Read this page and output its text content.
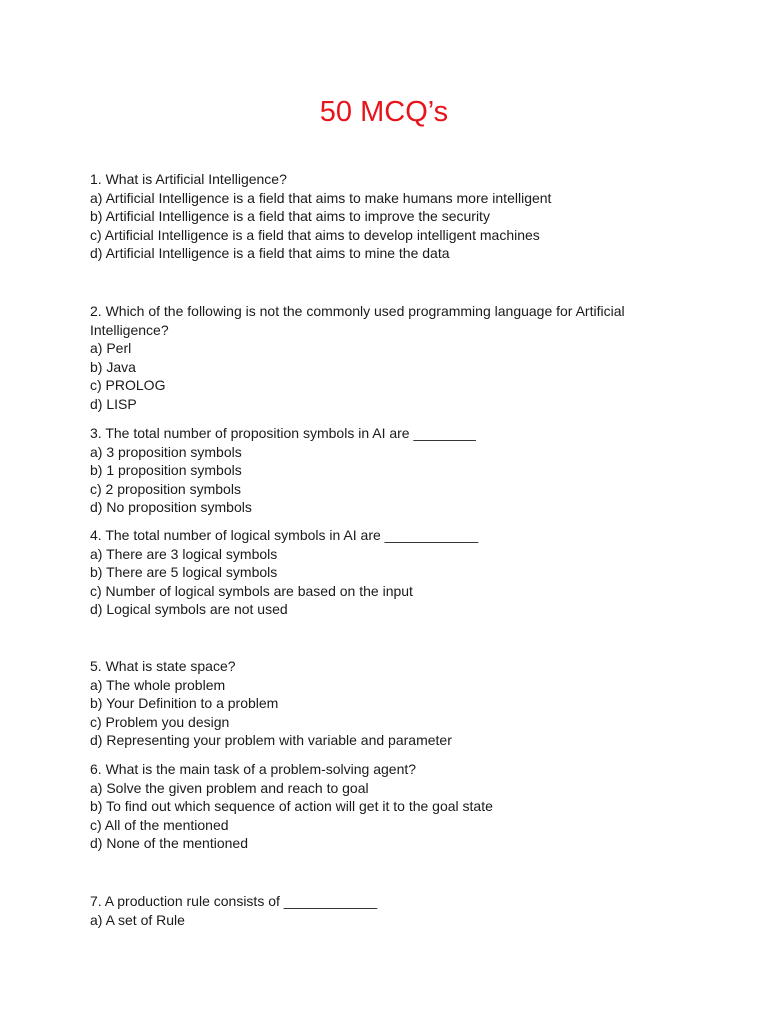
50 MCQ’s
1. What is Artificial Intelligence?
a) Artificial Intelligence is a field that aims to make humans more intelligent
b) Artificial Intelligence is a field that aims to improve the security
c) Artificial Intelligence is a field that aims to develop intelligent machines
d) Artificial Intelligence is a field that aims to mine the data
2. Which of the following is not the commonly used programming language for Artificial Intelligence?
a) Perl
b) Java
c) PROLOG
d) LISP
3. The total number of proposition symbols in AI are ________
a) 3 proposition symbols
b) 1 proposition symbols
c) 2 proposition symbols
d) No proposition symbols
4. The total number of logical symbols in AI are ____________
a) There are 3 logical symbols
b) There are 5 logical symbols
c) Number of logical symbols are based on the input
d) Logical symbols are not used
5. What is state space?
a) The whole problem
b) Your Definition to a problem
c) Problem you design
d) Representing your problem with variable and parameter
6. What is the main task of a problem-solving agent?
a) Solve the given problem and reach to goal
b) To find out which sequence of action will get it to the goal state
c) All of the mentioned
d) None of the mentioned
7. A production rule consists of ____________
a) A set of Rule
